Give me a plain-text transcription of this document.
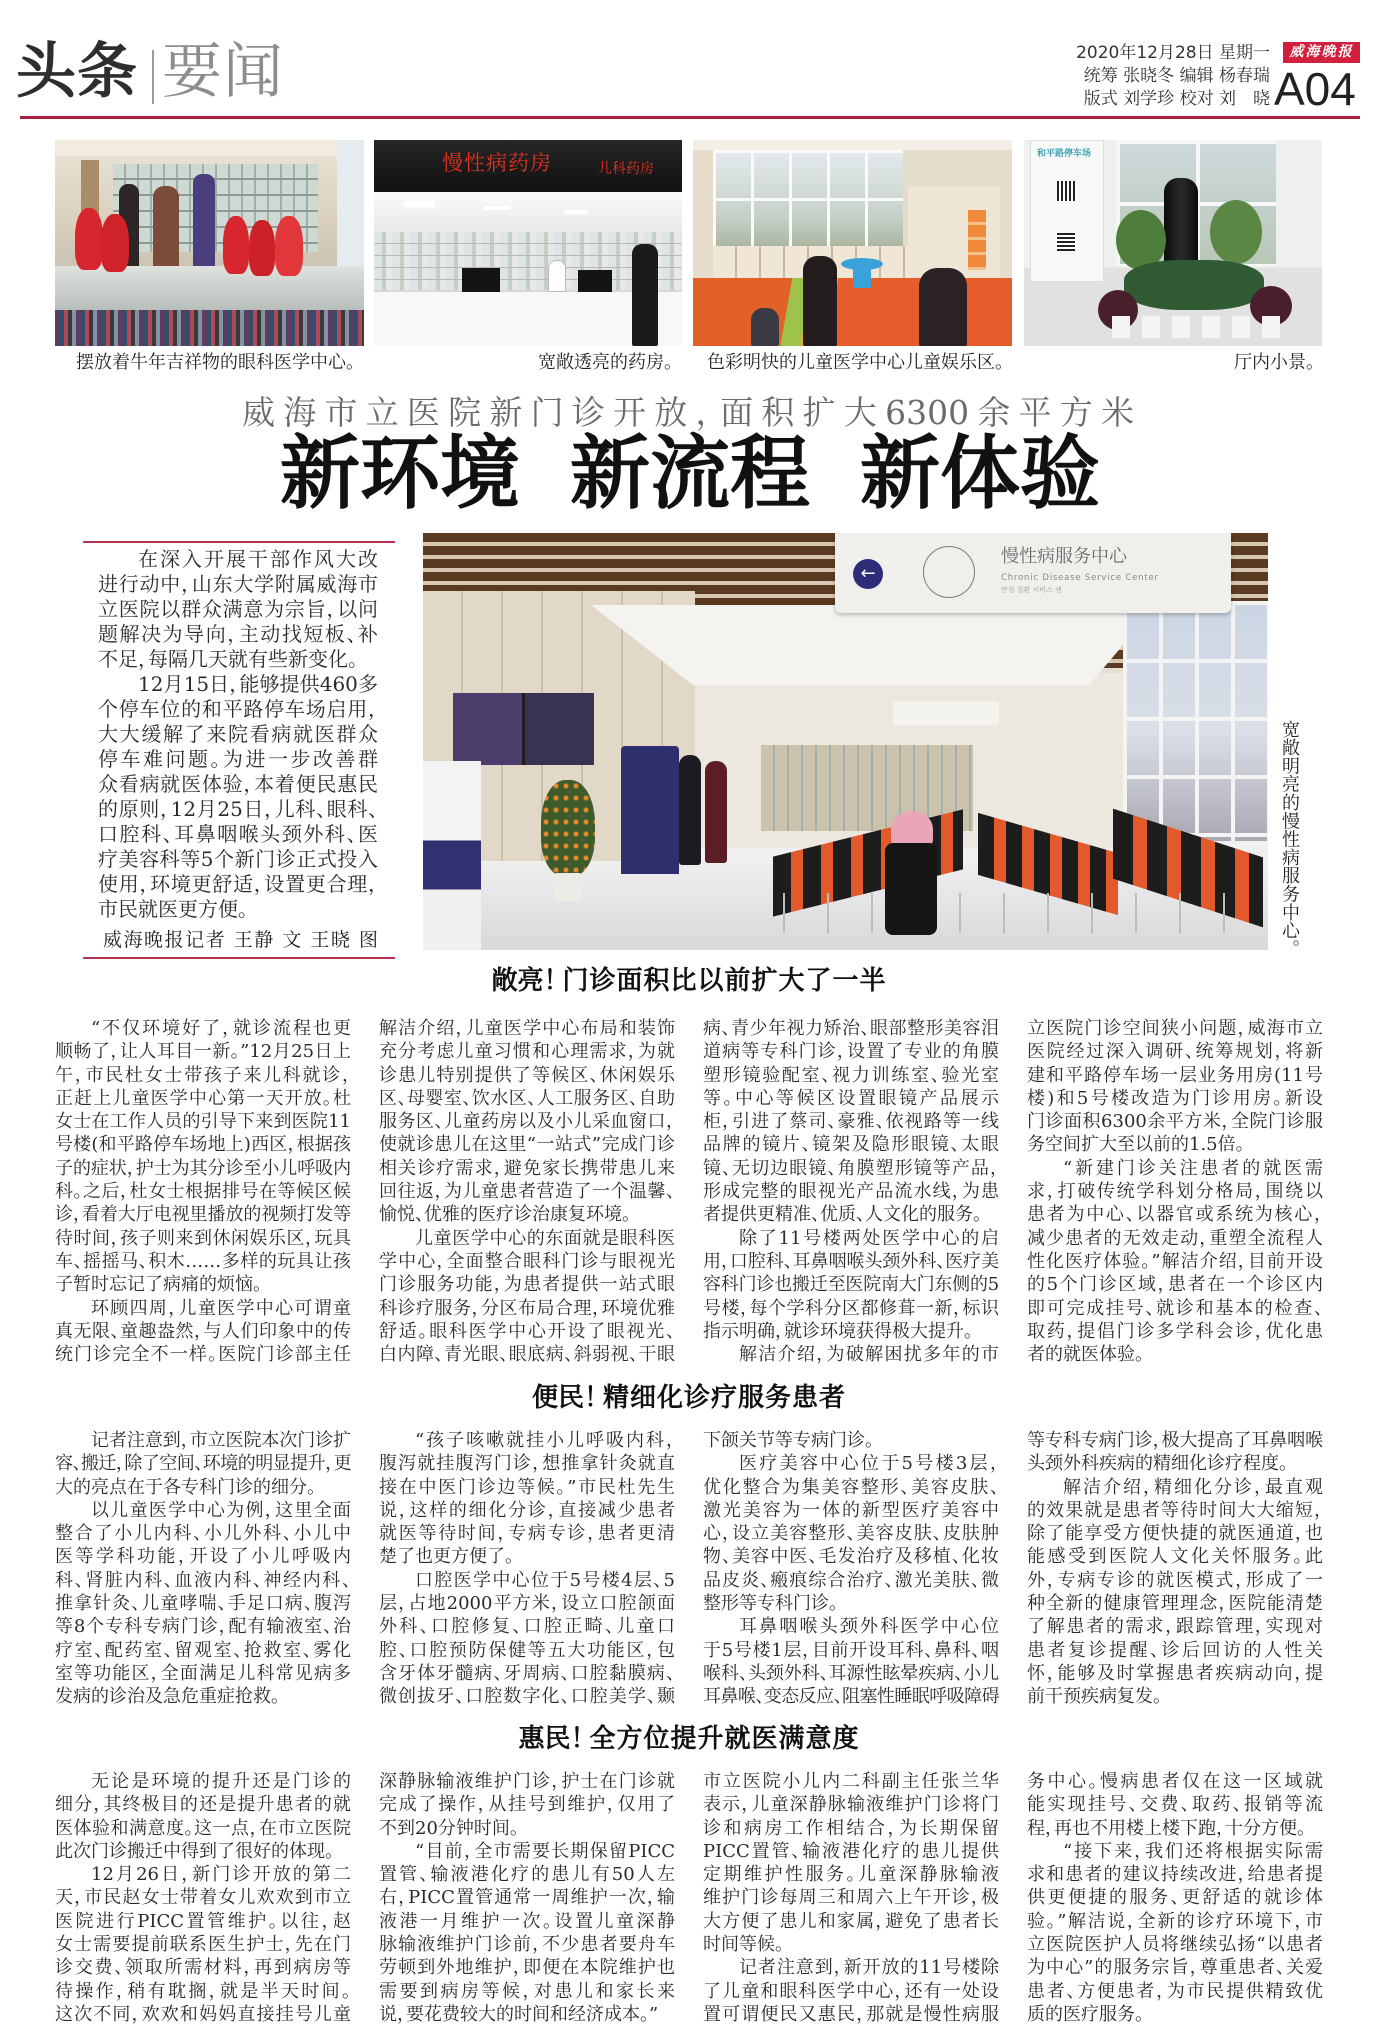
头条 要闻	2020年12月28日 星期一
统筹 张晓冬 编辑 杨春瑞
版式 刘学珍 校对 刘　晓
威海晚报
A04
摆放着牛年吉祥物的眼科医学中心。
慢性病药房	儿科药房
宽敞透亮的药房。 色彩明快的儿童医学中心儿童娱乐区。
和平路停车场
厅内小景。
威海市立医院新门诊开放，面积扩大6300余平方米
新环境 新流程 新体验
在深入开展干部作风大改
进行动中，山东大学附属威海市
立医院以群众满意为宗旨，以问
题解决为导向，主动找短板、补
不足，每隔几天就有些新变化。
12月15日，能够提供460多
个停车位的和平路停车场启用，
大大缓解了来院看病就医群众
停车难问题。为进一步改善群
众看病就医体验，本着便民惠民
的原则，12月25日，儿科、眼科、
口腔科、耳鼻咽喉头颈外科、医
疗美容科等5个新门诊正式投入
使用，环境更舒适，设置更合理，
市民就医更方便。
威海晚报记者 王静 文 王晓 图
←
慢性病服务中心
Chronic Disease Service Center
만성 질환 서비스 센
宽敞明亮的慢性病服务中心。
敞亮！ 门诊面积比以前扩大了一半
“不仅环境好了，就诊流程也更
顺畅了，让人耳目一新。”12月25日上
午，市民杜女士带孩子来儿科就诊，
正赶上儿童医学中心第一天开放。杜
女士在工作人员的引导下来到医院11
号楼(和平路停车场地上)西区，根据孩
子的症状，护士为其分诊至小儿呼吸内
科。之后，杜女士根据排号在等候区候
诊，看着大厅电视里播放的视频打发等
待时间，孩子则来到休闲娱乐区，玩具
车、摇摇马、积木……多样的玩具让孩
子暂时忘记了病痛的烦恼。
环顾四周，儿童医学中心可谓童
真无限、童趣盎然，与人们印象中的传
统门诊完全不一样。医院门诊部主任
解洁介绍，儿童医学中心布局和装饰
充分考虑儿童习惯和心理需求，为就
诊患儿特别提供了等候区、休闲娱乐
区、母婴室、饮水区、人工服务区、自助
服务区、儿童药房以及小儿采血窗口，
使就诊患儿在这里“一站式”完成门诊
相关诊疗需求，避免家长携带患儿来
回往返，为儿童患者营造了一个温馨、
愉悦、优雅的医疗诊治康复环境。
儿童医学中心的东面就是眼科医
学中心，全面整合眼科门诊与眼视光
门诊服务功能，为患者提供一站式眼
科诊疗服务，分区布局合理，环境优雅
舒适。眼科医学中心开设了眼视光、
白内障、青光眼、眼底病、斜弱视、干眼
病、青少年视力矫治、眼部整形美容泪
道病等专科门诊，设置了专业的角膜
塑形镜验配室、视力训练室、验光室
等。中心等候区设置眼镜产品展示
柜，引进了蔡司、豪雅、依视路等一线
品牌的镜片、镜架及隐形眼镜、太眼
镜、无切边眼镜、角膜塑形镜等产品，
形成完整的眼视光产品流水线，为患
者提供更精准、优质、人文化的服务。
除了11号楼两处医学中心的启
用，口腔科、耳鼻咽喉头颈外科、医疗美
容科门诊也搬迁至医院南大门东侧的5
号楼，每个学科分区都修葺一新，标识
指示明确，就诊环境获得极大提升。
解洁介绍，为破解困扰多年的市
立医院门诊空间狭小问题，威海市立
医院经过深入调研、统筹规划，将新
建和平路停车场一层业务用房(11号
楼)和5号楼改造为门诊用房。新设
门诊面积6300余平方米，全院门诊服
务空间扩大至以前的1.5倍。
“新建门诊关注患者的就医需
求，打破传统学科划分格局，围绕以
患者为中心、以器官或系统为核心，
减少患者的无效走动，重塑全流程人
性化医疗体验。”解洁介绍，目前开设
的5个门诊区域，患者在一个诊区内
即可完成挂号、就诊和基本的检查、
取药，提倡门诊多学科会诊，优化患
者的就医体验。
便民！ 精细化诊疗服务患者
记者注意到，市立医院本次门诊扩
容、搬迁，除了空间、环境的明显提升，更
大的亮点在于各专科门诊的细分。
以儿童医学中心为例，这里全面
整合了小儿内科、小儿外科、小儿中
医等学科功能，开设了小儿呼吸内
科、肾脏内科、血液内科、神经内科、
推拿针灸、儿童哮喘、手足口病、腹泻
等8个专科专病门诊，配有输液室、治
疗室、配药室、留观室、抢救室、雾化
室等功能区，全面满足儿科常见病多
发病的诊治及急危重症抢救。
“孩子咳嗽就挂小儿呼吸内科，
腹泻就挂腹泻门诊，想推拿针灸就直
接在中医门诊边等候。”市民杜先生
说，这样的细化分诊，直接减少患者
就医等待时间，专病专诊，患者更清
楚了也更方便了。
口腔医学中心位于5号楼4层、5
层，占地2000平方米，设立口腔颌面
外科、口腔修复、口腔正畸、儿童口
腔、口腔预防保健等五大功能区，包
含牙体牙髓病、牙周病、口腔黏膜病、
微创拔牙、口腔数字化、口腔美学、颞
下颌关节等专病门诊。
医疗美容中心位于5号楼3层，
优化整合为集美容整形、美容皮肤、
激光美容为一体的新型医疗美容中
心，设立美容整形、美容皮肤、皮肤肿
物、美容中医、毛发治疗及移植、化妆
品皮炎、瘢痕综合治疗、激光美肤、微
整形等专科门诊。
耳鼻咽喉头颈外科医学中心位
于5号楼1层，目前开设耳科、鼻科、咽
喉科、头颈外科、耳源性眩晕疾病、小儿
耳鼻喉、变态反应、阻塞性睡眠呼吸障碍
等专科专病门诊，极大提高了耳鼻咽喉
头颈外科疾病的精细化诊疗程度。
解洁介绍，精细化分诊，最直观
的效果就是患者等待时间大大缩短，
除了能享受方便快捷的就医通道，也
能感受到医院人文化关怀服务。此
外，专病专诊的就医模式，形成了一
种全新的健康管理理念，医院能清楚
了解患者的需求，跟踪管理，实现对
患者复诊提醒、诊后回访的人性关
怀，能够及时掌握患者疾病动向，提
前干预疾病复发。
惠民！ 全方位提升就医满意度
无论是环境的提升还是门诊的
细分，其终极目的还是提升患者的就
医体验和满意度。这一点，在市立医院
此次门诊搬迁中得到了很好的体现。
12月26日，新门诊开放的第二
天，市民赵女士带着女儿欢欢到市立
医院进行PICC置管维护。以往，赵
女士需要提前联系医生护士，先在门
诊交费、领取所需材料，再到病房等
待操作，稍有耽搁，就是半天时间。
这次不同，欢欢和妈妈直接挂号儿童
深静脉输液维护门诊，护士在门诊就
完成了操作，从挂号到维护，仅用了
不到20分钟时间。
“目前，全市需要长期保留PICC
置管、输液港化疗的患儿有50人左
右，PICC置管通常一周维护一次，输
液港一月维护一次。设置儿童深静
脉输液维护门诊前，不少患者要舟车
劳顿到外地维护，即便在本院维护也
需要到病房等候，对患儿和家长来
说，要花费较大的时间和经济成本。”
市立医院小儿内二科副主任张兰华
表示，儿童深静脉输液维护门诊将门
诊和病房工作相结合，为长期保留
PICC置管、输液港化疗的患儿提供
定期维护性服务。儿童深静脉输液
维护门诊每周三和周六上午开诊，极
大方便了患儿和家属，避免了患者长
时间等候。
记者注意到，新开放的11号楼除
了儿童和眼科医学中心，还有一处设
置可谓便民又惠民，那就是慢性病服
务中心。慢病患者仅在这一区域就
能实现挂号、交费、取药、报销等流
程，再也不用楼上楼下跑，十分方便。
“接下来，我们还将根据实际需
求和患者的建议持续改进，给患者提
供更便捷的服务、更舒适的就诊体
验。”解洁说，全新的诊疗环境下，市
立医院医护人员将继续弘扬“以患者
为中心”的服务宗旨，尊重患者、关爱
患者、方便患者，为市民提供精致优
质的医疗服务。
